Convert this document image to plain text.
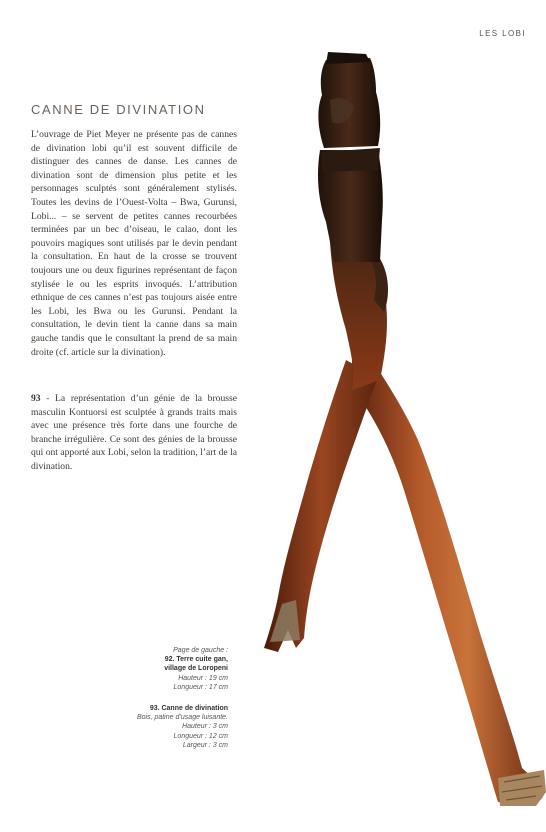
LES LOBI
CANNE DE DIVINATION

L’ouvrage de Piet Meyer ne présente pas de cannes de divination lobi qu’il est souvent difficile de distinguer des cannes de danse. Les cannes de divination sont de dimension plus petite et les personnages sculptés sont généralement stylisés. Toutes les devins de l’Ouest-Volta – Bwa, Gurunsi, Lobi... – se servent de petites cannes recourbées terminées par un bec d’oiseau, le calao, dont les pouvoirs magiques sont utilisés par le devin pendant la consultation. En haut de la crosse se trouvent toujours une ou deux figurines représentant de façon stylisée le ou les esprits invoqués. L’attribution ethnique de ces cannes n’est pas toujours aisée entre les Lobi, les Bwa ou les Gurunsi. Pendant la consultation, le devin tient la canne dans sa main gauche tandis que le consultant la prend de sa main droite (cf. article sur la divination).

93 - La représentation d’un génie de la brousse masculin Kontuorsi est sculptée à grands traits mais avec une présence très forte dans une fourche de branche irrégulière. Ce sont des génies de la brousse qui ont apporté aux Lobi, selon la tradition, l’art de la divination.

Page de gauche :
92. Terre cuite gan,
village de Loropeni
Hauteur : 19 cm
Longueur : 17 cm
93. Canne de divination
Bois, patine d’usage luisante.
Hauteur : 3 cm
Longueur : 12 cm
Largeur : 3 cm
